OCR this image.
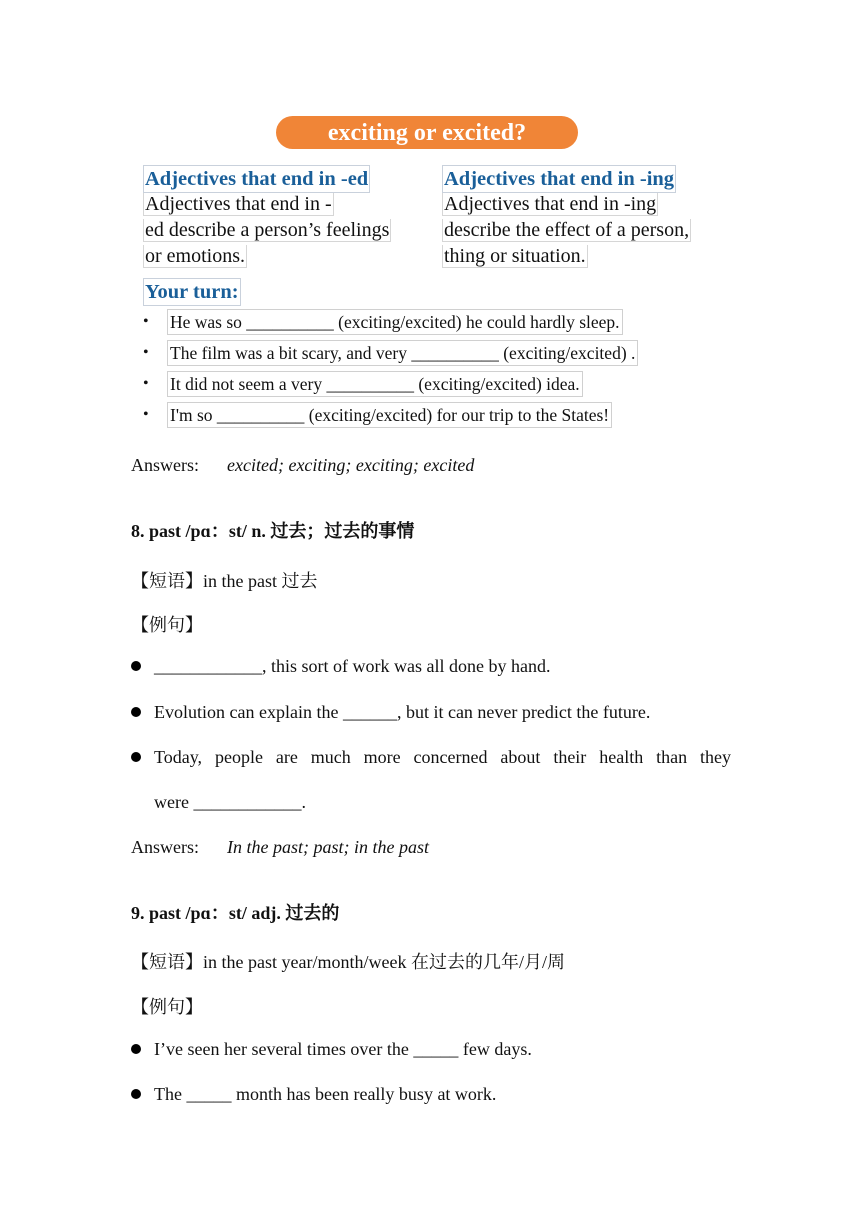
exciting or excited?
Adjectives that end in -ed
Adjectives that end in -
ed describe a person’s feelings
or emotions.
Adjectives that end in -ing
Adjectives that end in -ing
describe the effect of a person,
thing or situation.
Your turn:
• He was so __________ (exciting/excited) he could hardly sleep.
• The film was a bit scary, and very __________ (exciting/excited) .
• It did not seem a very __________ (exciting/excited) idea.
• I'm so __________ (exciting/excited) for our trip to the States!
Answers: excited; exciting; exciting; excited
8. past /pɑ：st/ n. 过去；过去的事情
【短语】in the past 过去
【例句】
____________, this sort of work was all done by hand.
Evolution can explain the ______, but it can never predict the future.
Today, people are much more concerned about their health than they
were ____________.
Answers: In the past; past; in the past
9. past /pɑ：st/ adj. 过去的
【短语】in the past year/month/week 在过去的几年/月/周
【例句】
I’ve seen her several times over the _____ few days.
The _____ month has been really busy at work.
